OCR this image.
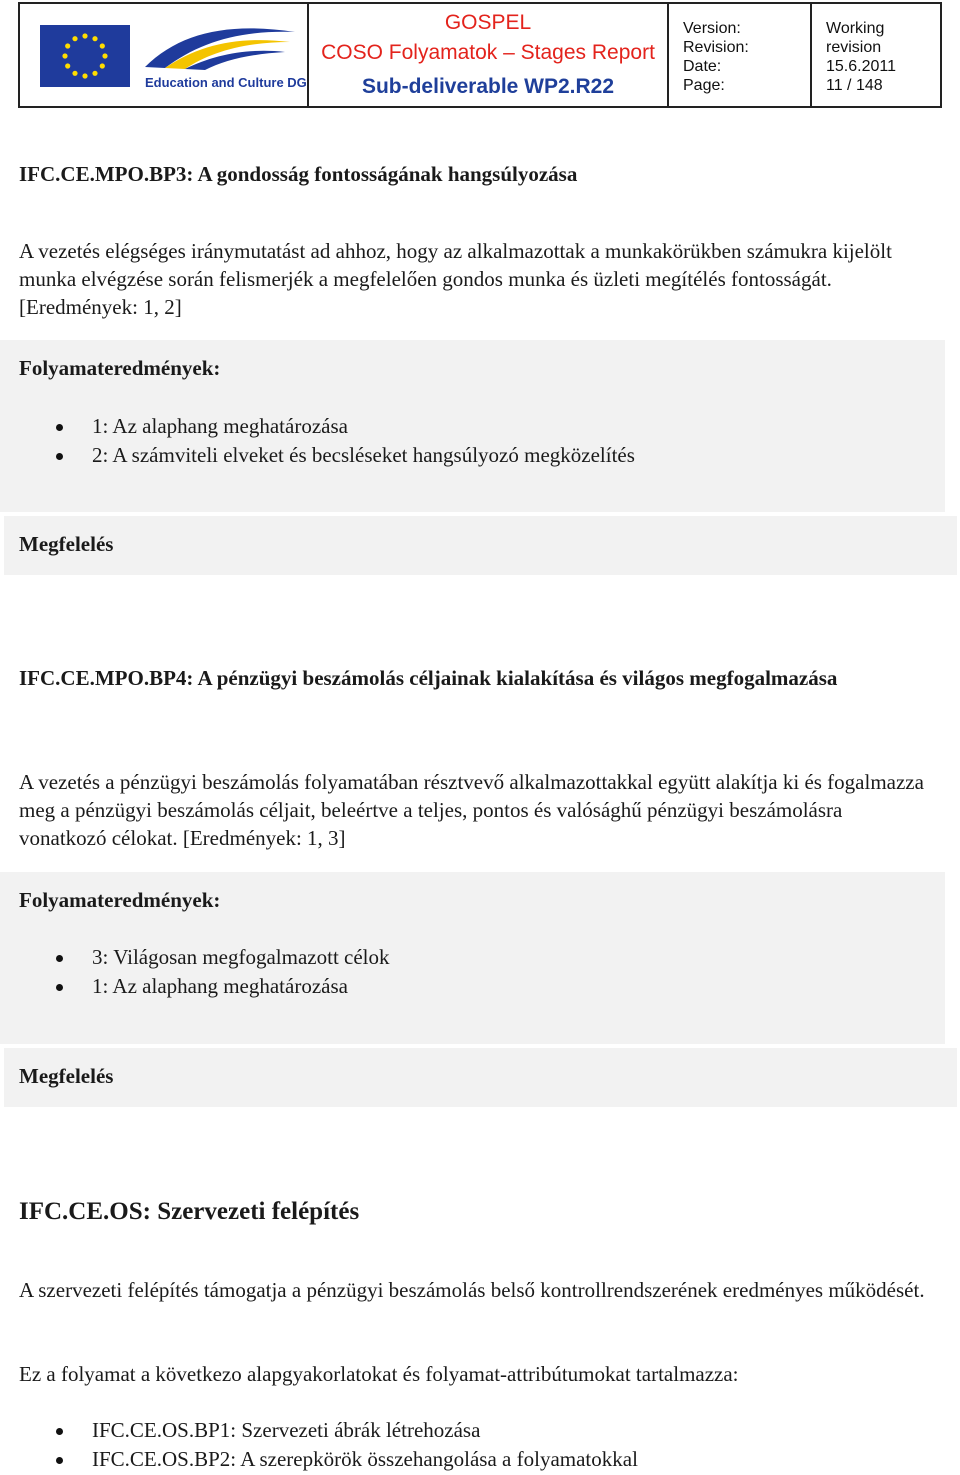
Education and Culture DG
GOSPEL
COSO Folyamatok – Stages Report
Sub-deliverable WP2.R22
Version:
Revision:
Date:
Page:
Working
revision
15.6.2011
11 / 148
IFC.CE.MPO.BP3: A gondosság fontosságának hangsúlyozása
A vezetés elégséges iránymutatást ad ahhoz, hogy az alkalmazottak a munkakörükben számukra kijelölt munka elvégzése során felismerjék a megfelelően gondos munka és üzleti megítélés fontosságát. [Eredmények: 1, 2]
Folyamateredmények:
1: Az alaphang meghatározása
2: A számviteli elveket és becsléseket hangsúlyozó megközelítés
Megfelelés
IFC.CE.MPO.BP4: A pénzügyi beszámolás céljainak kialakítása és világos megfogalmazása
A vezetés a pénzügyi beszámolás folyamatában résztvevő alkalmazottakkal együtt alakítja ki és fogalmazza meg a pénzügyi beszámolás céljait, beleértve a teljes, pontos és valósághű pénzügyi beszámolásra vonatkozó célokat. [Eredmények: 1, 3]
Folyamateredmények:
3: Világosan megfogalmazott célok
1: Az alaphang meghatározása
Megfelelés
IFC.CE.OS: Szervezeti felépítés
A szervezeti felépítés támogatja a pénzügyi beszámolás belső kontrollrendszerének eredményes működését.
Ez a folyamat a következo alapgyakorlatokat és folyamat-attribútumokat tartalmazza:
IFC.CE.OS.BP1: Szervezeti ábrák létrehozása
IFC.CE.OS.BP2: A szerepkörök összehangolása a folyamatokkal
